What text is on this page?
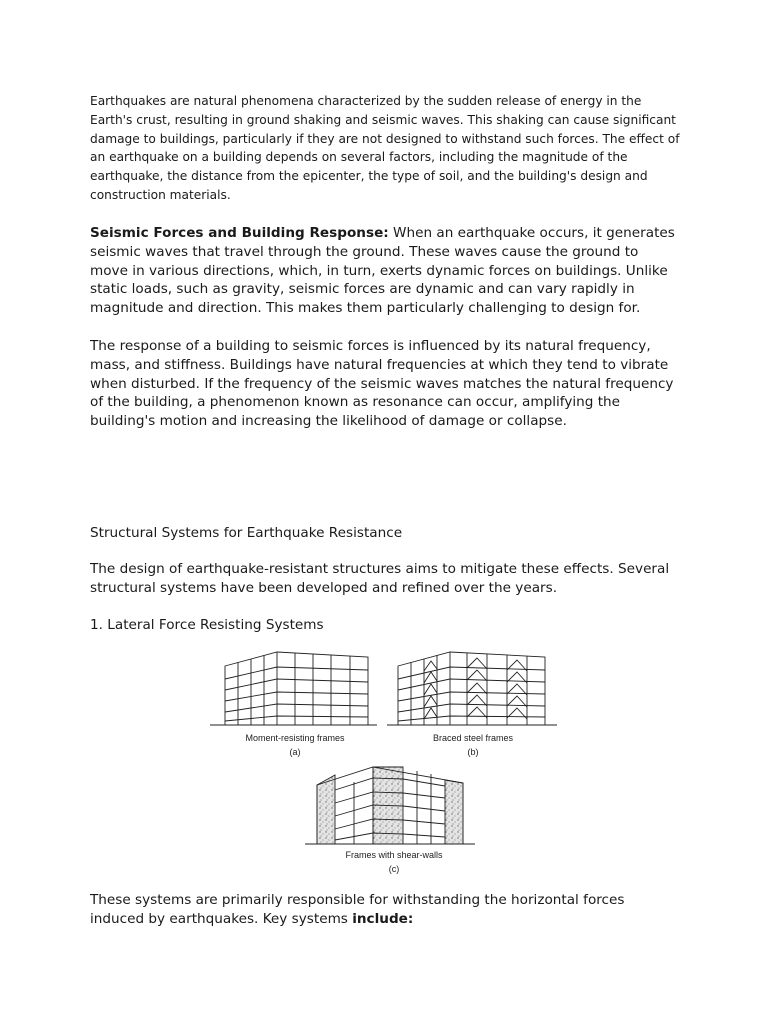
Earthquakes are natural phenomena characterized by the sudden release of energy in the Earth's crust, resulting in ground shaking and seismic waves. This shaking can cause significant damage to buildings, particularly if they are not designed to withstand such forces. The effect of an earthquake on a building depends on several factors, including the magnitude of the earthquake, the distance from the epicenter, the type of soil, and the building's design and construction materials.

Seismic Forces and Building Response: When an earthquake occurs, it generates seismic waves that travel through the ground. These waves cause the ground to move in various directions, which, in turn, exerts dynamic forces on buildings. Unlike static loads, such as gravity, seismic forces are dynamic and can vary rapidly in magnitude and direction. This makes them particularly challenging to design for.

The response of a building to seismic forces is influenced by its natural frequency, mass, and stiffness. Buildings have natural frequencies at which they tend to vibrate when disturbed. If the frequency of the seismic waves matches the natural frequency of the building, a phenomenon known as resonance can occur, amplifying the building's motion and increasing the likelihood of damage or collapse.

Structural Systems for Earthquake Resistance

The design of earthquake-resistant structures aims to mitigate these effects. Several structural systems have been developed and refined over the years.

1. Lateral Force Resisting Systems

These systems are primarily responsible for withstanding the horizontal forces induced by earthquakes. Key systems include:

Moment-resisting frames
(a)
Braced steel frames
(b)
Frames with shear-walls
(c)
